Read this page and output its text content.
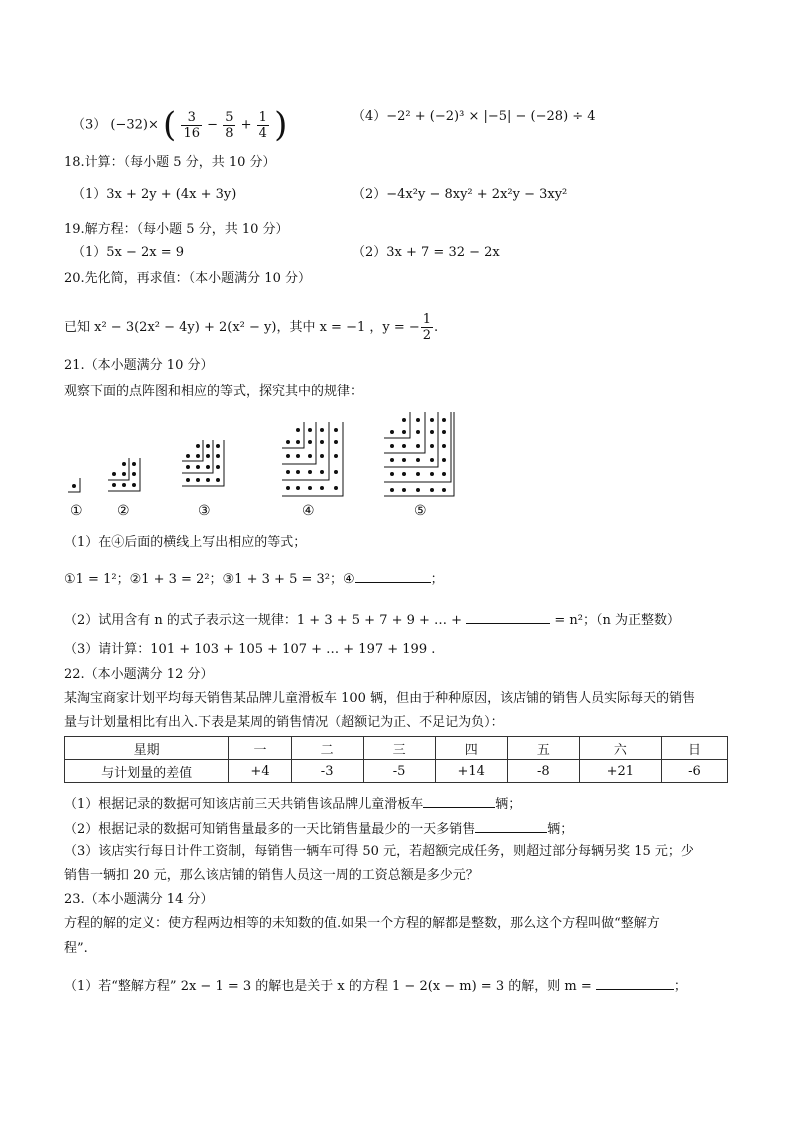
（3） (−32)× ( $\frac{3}{16} - \frac{5}{8} + \frac{1}{4}$ )	（4）−2² + (−2)³ × |−5| − (−28) ÷ 4
18.计算：（每小题 5 分，共 10 分）
（1）3x + 2y + (4x + 3y)	（2）−4x²y − 8xy² + 2x²y − 3xy²
19.解方程：（每小题 5 分，共 10 分）
（1）5x − 2x = 9	（2）3x + 7 = 32 − 2x
20.先化简，再求值：（本小题满分 10 分）
已知 x² − 3(2x² − 4y) + 2(x² − y)，其中 x = −1 ，y = − $\frac{1}{2}$ .
21.（本小题满分 10 分）
观察下面的点阵图和相应的等式，探究其中的规律：
① ②	③	④	⑤
（1）在④后面的横线上写出相应的等式；
①1 = 1²；②1 + 3 = 2²；③1 + 3 + 5 = 3²；④	；
（2）试用含有 n 的式子表示这一规律：1 + 3 + 5 + 7 + 9 + … +	= n²；（n 为正整数）
（3）请计算：101 + 103 + 105 + 107 + … + 197 + 199 .
22.（本小题满分 12 分）
某淘宝商家计划平均每天销售某品牌儿童滑板车 100 辆，但由于种种原因，该店铺的销售人员实际每天的销售
量与计划量相比有出入.下表是某周的销售情况（超额记为正、不足记为负）：
星期	一	二	三	四	五	六	日
与计划量的差值	+4	-3	-5	+14	-8	+21	-6
（1）根据记录的数据可知该店前三天共销售该品牌儿童滑板车	辆；
（2）根据记录的数据可知销售量最多的一天比销售量最少的一天多销售	辆；
（3）该店实行每日计件工资制，每销售一辆车可得 50 元，若超额完成任务，则超过部分每辆另奖 15 元；少
销售一辆扣 20 元，那么该店铺的销售人员这一周的工资总额是多少元？
23.（本小题满分 14 分）
方程的解的定义：使方程两边相等的未知数的值.如果一个方程的解都是整数，那么这个方程叫做“整解方
程”.
（1）若“整解方程” 2x − 1 = 3 的解也是关于 x 的方程 1 − 2(x − m) = 3 的解，则 m =	；
